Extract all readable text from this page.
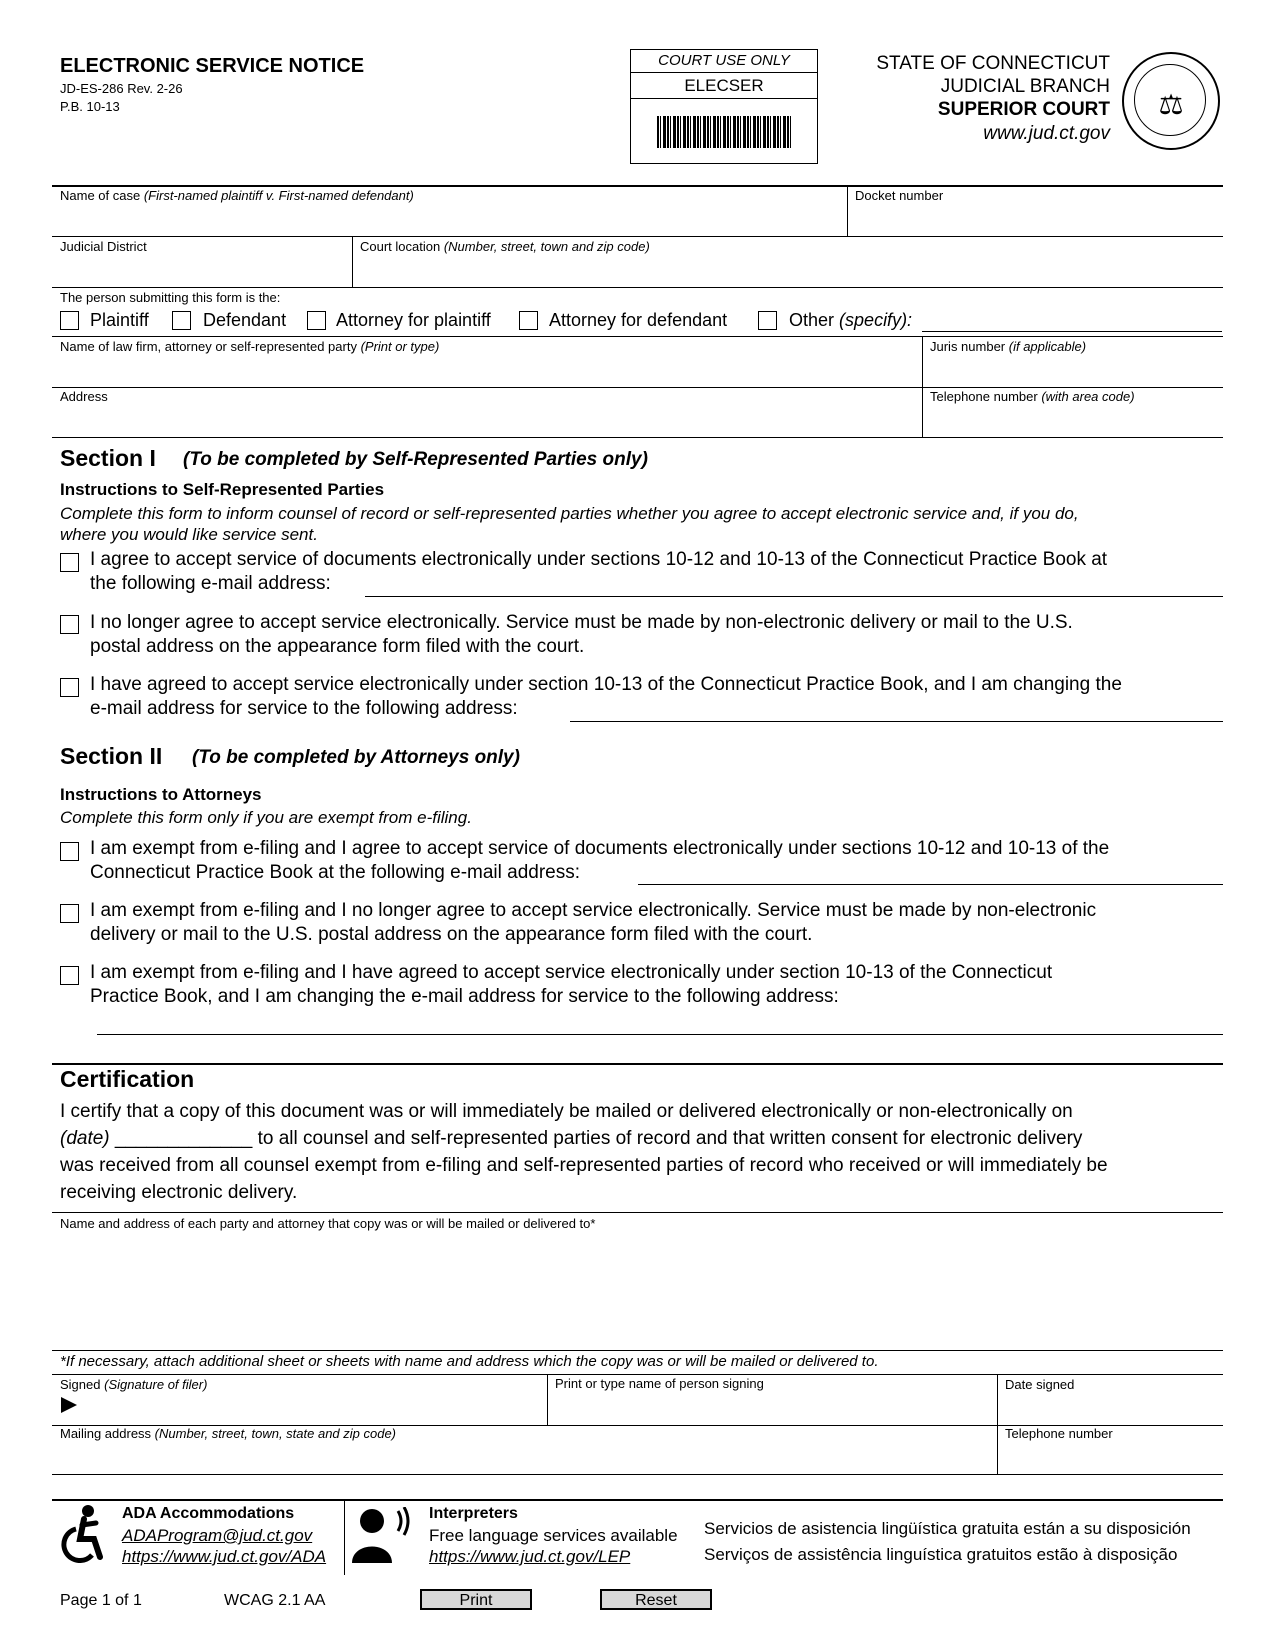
ELECTRONIC SERVICE NOTICE
JD-ES-286 Rev. 2-26
P.B. 10-13
COURT USE ONLY
ELECSER
STATE OF CONNECTICUT
JUDICIAL BRANCH
SUPERIOR COURT
www.jud.ct.gov
⚖
Name of case (First-named plaintiff v. First-named defendant)	Docket number
Judicial District	Court location (Number, street, town and zip code)
The person submitting this form is the:
Plaintiff	Defendant	Attorney for plaintiff	Attorney for defendant	Other (specify):
Name of law firm, attorney or self-represented party (Print or type)	Juris number (if applicable)
Address	Telephone number (with area code)
Section I (To be completed by Self-Represented Parties only)
Instructions to Self-Represented Parties
Complete this form to inform counsel of record or self-represented parties whether you agree to accept electronic service and, if you do,
where you would like service sent.
I agree to accept service of documents electronically under sections 10-12 and 10-13 of the Connecticut Practice Book at
the following e-mail address:
I no longer agree to accept service electronically. Service must be made by non-electronic delivery or mail to the U.S.
postal address on the appearance form filed with the court.
I have agreed to accept service electronically under section 10-13 of the Connecticut Practice Book, and I am changing the
e-mail address for service to the following address:
Section II (To be completed by Attorneys only)
Instructions to Attorneys
Complete this form only if you are exempt from e-filing.
I am exempt from e-filing and I agree to accept service of documents electronically under sections 10-12 and 10-13 of the
Connecticut Practice Book at the following e-mail address:
I am exempt from e-filing and I no longer agree to accept service electronically. Service must be made by non-electronic
delivery or mail to the U.S. postal address on the appearance form filed with the court.
I am exempt from e-filing and I have agreed to accept service electronically under section 10-13 of the Connecticut
Practice Book, and I am changing the e-mail address for service to the following address:
Certification
I certify that a copy of this document was or will immediately be mailed or delivered electronically or non-electronically on
(date) _____________ to all counsel and self-represented parties of record and that written consent for electronic delivery
was received from all counsel exempt from e-filing and self-represented parties of record who received or will immediately be
receiving electronic delivery.
Name and address of each party and attorney that copy was or will be mailed or delivered to*
*If necessary, attach additional sheet or sheets with name and address which the copy was or will be mailed or delivered to.
Signed (Signature of filer)	Print or type name of person signing	Date signed
Mailing address (Number, street, town, state and zip code)	Telephone number
ADA Accommodations
ADAProgram@jud.ct.gov
https://www.jud.ct.gov/ADA
Interpreters
Free language services available
https://www.jud.ct.gov/LEP
Servicios de asistencia lingüística gratuita están a su disposición
Serviços de assistência linguística gratuitos estão à disposição
Page 1 of 1	WCAG 2.1 AA	Print	Reset
